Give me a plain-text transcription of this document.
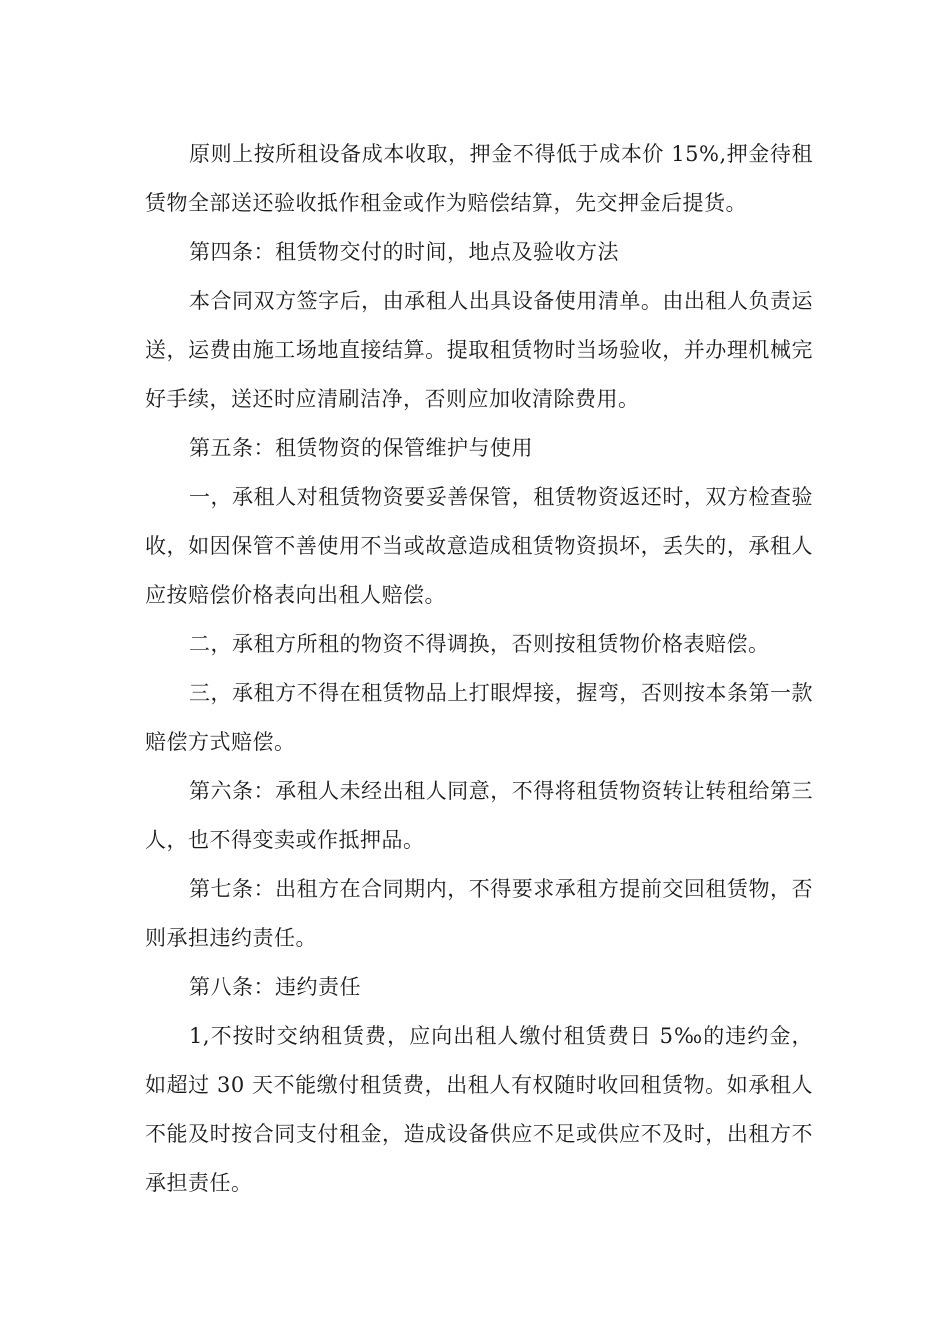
原则上按所租设备成本收取，押金不得低于成本价 15%,押金待租赁物全部送还验收抵作租金或作为赔偿结算，先交押金后提货。

第四条：租赁物交付的时间，地点及验收方法

本合同双方签字后，由承租人出具设备使用清单。由出租人负责运送，运费由施工场地直接结算。提取租赁物时当场验收，并办理机械完好手续，送还时应清刷洁净，否则应加收清除费用。

第五条：租赁物资的保管维护与使用

一，承租人对租赁物资要妥善保管，租赁物资返还时，双方检查验收，如因保管不善使用不当或故意造成租赁物资损坏，丢失的，承租人应按赔偿价格表向出租人赔偿。

二，承租方所租的物资不得调换，否则按租赁物价格表赔偿。

三，承租方不得在租赁物品上打眼焊接，握弯，否则按本条第一款赔偿方式赔偿。

第六条：承租人未经出租人同意，不得将租赁物资转让转租给第三人，也不得变卖或作抵押品。

第七条：出租方在合同期内，不得要求承租方提前交回租赁物，否则承担违约责任。

第八条：违约责任

1,不按时交纳租赁费，应向出租人缴付租赁费日 5‰的违约金，如超过 30 天不能缴付租赁费，出租人有权随时收回租赁物。如承租人不能及时按合同支付租金，造成设备供应不足或供应不及时，出租方不承担责任。
